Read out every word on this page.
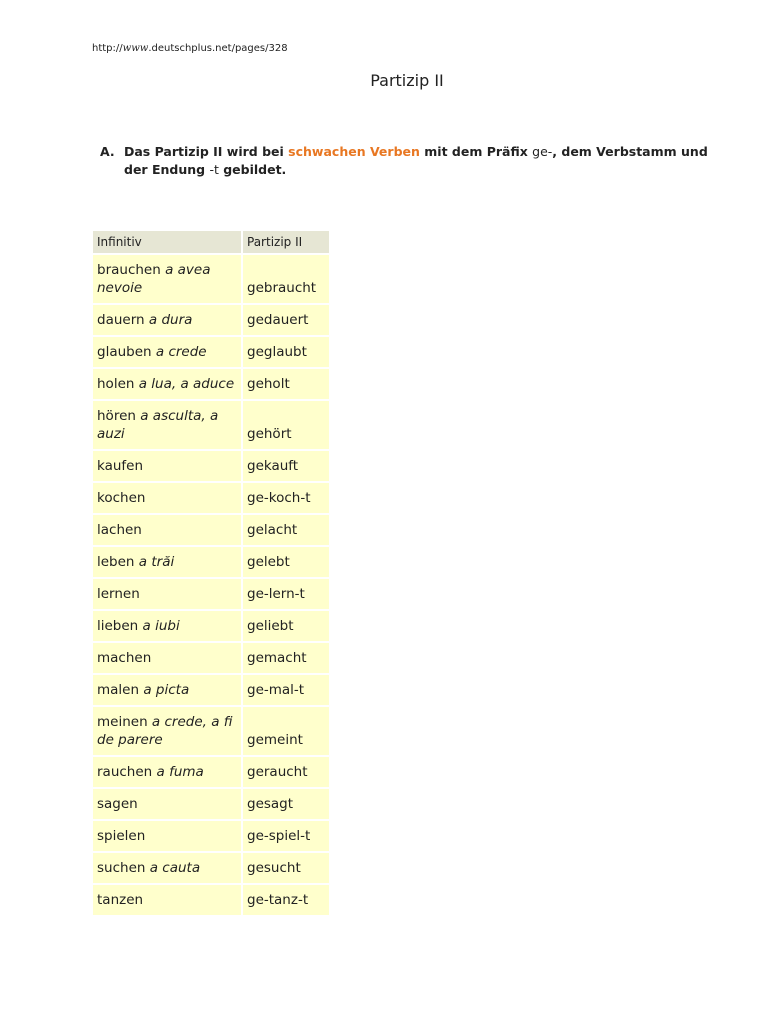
http://www.deutschplus.net/pages/328
Partizip II
A. Das Partizip II wird bei schwachen Verben mit dem Präfix ge-, dem Verbstamm und der Endung -t gebildet.
Infinitiv	Partizip II
brauchen a avea nevoie	gebraucht
dauern a dura	gedauert
glauben a crede	geglaubt
holen a lua, a aduce	geholt
hören a asculta, a auzi	gehört
kaufen	gekauft
kochen	ge-koch-t
lachen	gelacht
leben a trăi	gelebt
lernen	ge-lern-t
lieben a iubi	geliebt
machen	gemacht
malen a picta	ge-mal-t
meinen a crede, a fi de parere	gemeint
rauchen a fuma	geraucht
sagen	gesagt
spielen	ge-spiel-t
suchen a cauta	gesucht
tanzen	ge-tanz-t
